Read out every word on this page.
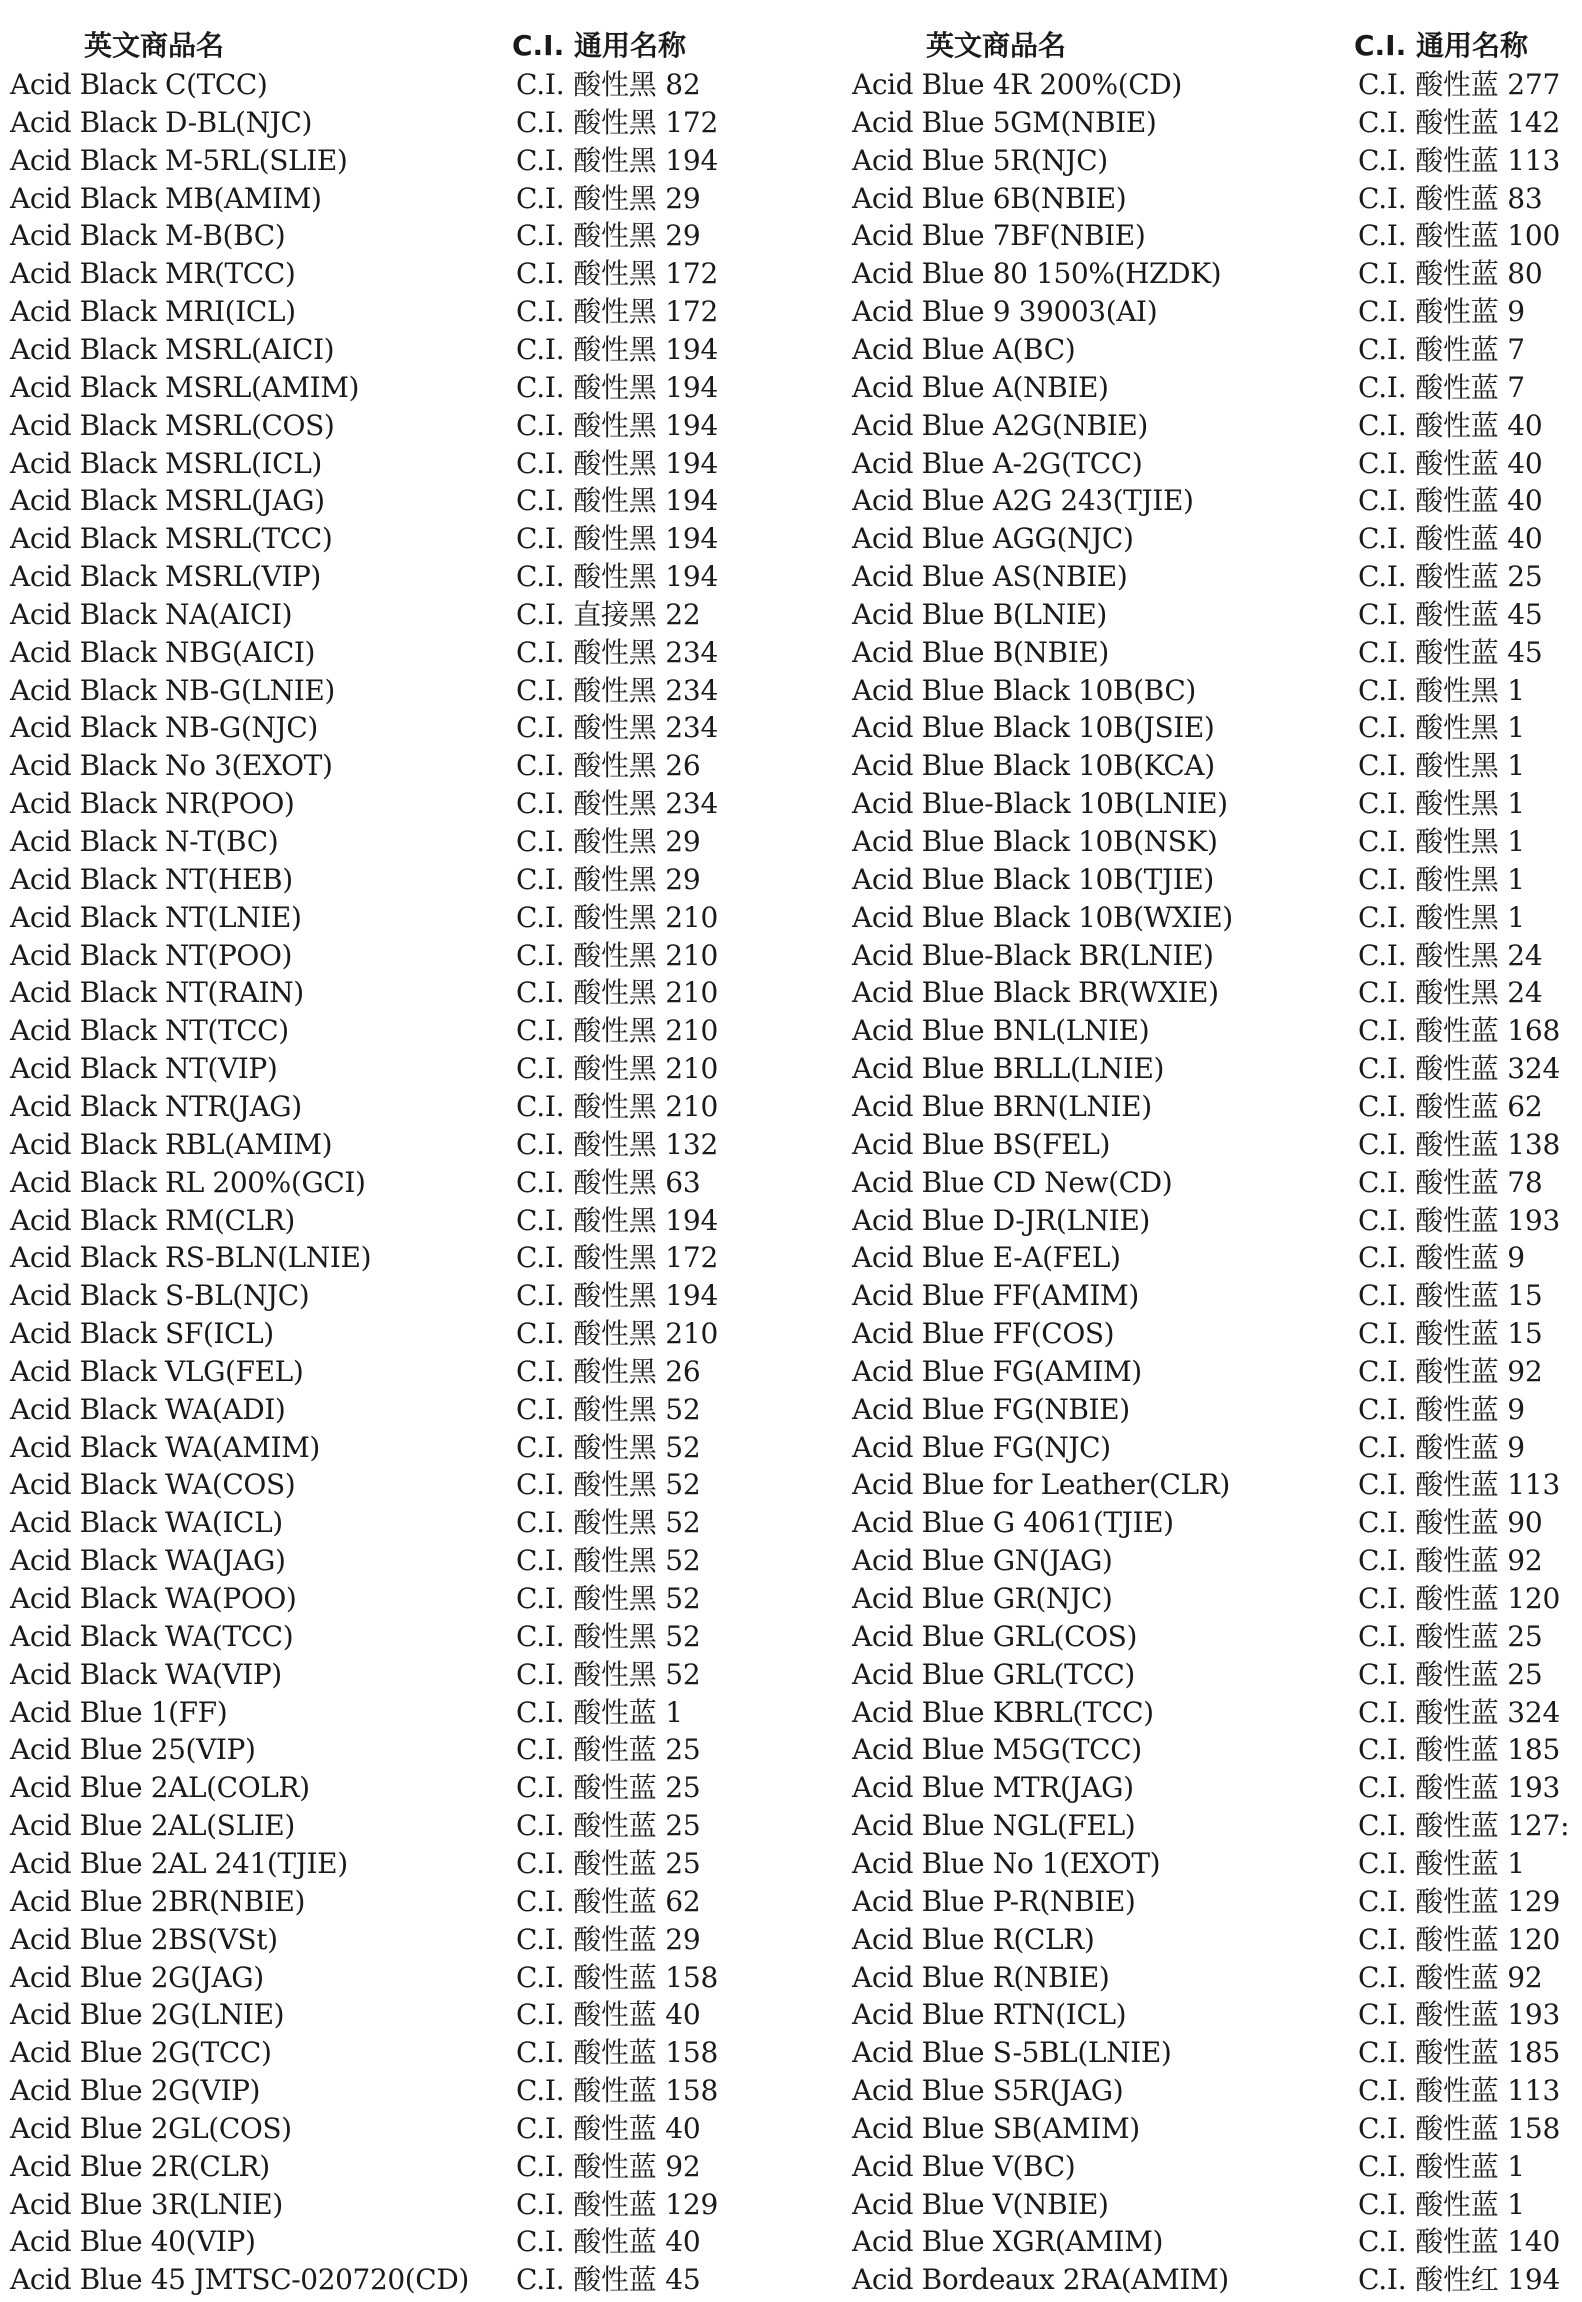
英文商品名	C.I. 通用名称	英文商品名	C.I. 通用名称
Acid Black C(TCC)	C.I. 酸性黑 82
Acid Black D-BL(NJC)	C.I. 酸性黑 172
Acid Black M-5RL(SLIE)	C.I. 酸性黑 194
Acid Black MB(AMIM)	C.I. 酸性黑 29
Acid Black M-B(BC)	C.I. 酸性黑 29
Acid Black MR(TCC)	C.I. 酸性黑 172
Acid Black MRI(ICL)	C.I. 酸性黑 172
Acid Black MSRL(AICI)	C.I. 酸性黑 194
Acid Black MSRL(AMIM)	C.I. 酸性黑 194
Acid Black MSRL(COS)	C.I. 酸性黑 194
Acid Black MSRL(ICL)	C.I. 酸性黑 194
Acid Black MSRL(JAG)	C.I. 酸性黑 194
Acid Black MSRL(TCC)	C.I. 酸性黑 194
Acid Black MSRL(VIP)	C.I. 酸性黑 194
Acid Black NA(AICI)	C.I. 直接黑 22
Acid Black NBG(AICI)	C.I. 酸性黑 234
Acid Black NB-G(LNIE)	C.I. 酸性黑 234
Acid Black NB-G(NJC)	C.I. 酸性黑 234
Acid Black No 3(EXOT)	C.I. 酸性黑 26
Acid Black NR(POO)	C.I. 酸性黑 234
Acid Black N-T(BC)	C.I. 酸性黑 29
Acid Black NT(HEB)	C.I. 酸性黑 29
Acid Black NT(LNIE)	C.I. 酸性黑 210
Acid Black NT(POO)	C.I. 酸性黑 210
Acid Black NT(RAIN)	C.I. 酸性黑 210
Acid Black NT(TCC)	C.I. 酸性黑 210
Acid Black NT(VIP)	C.I. 酸性黑 210
Acid Black NTR(JAG)	C.I. 酸性黑 210
Acid Black RBL(AMIM)	C.I. 酸性黑 132
Acid Black RL 200%(GCI)	C.I. 酸性黑 63
Acid Black RM(CLR)	C.I. 酸性黑 194
Acid Black RS-BLN(LNIE)	C.I. 酸性黑 172
Acid Black S-BL(NJC)	C.I. 酸性黑 194
Acid Black SF(ICL)	C.I. 酸性黑 210
Acid Black VLG(FEL)	C.I. 酸性黑 26
Acid Black WA(ADI)	C.I. 酸性黑 52
Acid Black WA(AMIM)	C.I. 酸性黑 52
Acid Black WA(COS)	C.I. 酸性黑 52
Acid Black WA(ICL)	C.I. 酸性黑 52
Acid Black WA(JAG)	C.I. 酸性黑 52
Acid Black WA(POO)	C.I. 酸性黑 52
Acid Black WA(TCC)	C.I. 酸性黑 52
Acid Black WA(VIP)	C.I. 酸性黑 52
Acid Blue 1(FF)	C.I. 酸性蓝 1
Acid Blue 25(VIP)	C.I. 酸性蓝 25
Acid Blue 2AL(COLR)	C.I. 酸性蓝 25
Acid Blue 2AL(SLIE)	C.I. 酸性蓝 25
Acid Blue 2AL 241(TJIE)	C.I. 酸性蓝 25
Acid Blue 2BR(NBIE)	C.I. 酸性蓝 62
Acid Blue 2BS(VSt)	C.I. 酸性蓝 29
Acid Blue 2G(JAG)	C.I. 酸性蓝 158
Acid Blue 2G(LNIE)	C.I. 酸性蓝 40
Acid Blue 2G(TCC)	C.I. 酸性蓝 158
Acid Blue 2G(VIP)	C.I. 酸性蓝 158
Acid Blue 2GL(COS)	C.I. 酸性蓝 40
Acid Blue 2R(CLR)	C.I. 酸性蓝 92
Acid Blue 3R(LNIE)	C.I. 酸性蓝 129
Acid Blue 40(VIP)	C.I. 酸性蓝 40
Acid Blue 45 JMTSC-020720(CD) C.I. 酸性蓝 45
Acid Blue 4R 200%(CD)	C.I. 酸性蓝 277
Acid Blue 5GM(NBIE)	C.I. 酸性蓝 142
Acid Blue 5R(NJC)	C.I. 酸性蓝 113
Acid Blue 6B(NBIE)	C.I. 酸性蓝 83
Acid Blue 7BF(NBIE)	C.I. 酸性蓝 100
Acid Blue 80 150%(HZDK)	C.I. 酸性蓝 80
Acid Blue 9 39003(AI)	C.I. 酸性蓝 9
Acid Blue A(BC)	C.I. 酸性蓝 7
Acid Blue A(NBIE)	C.I. 酸性蓝 7
Acid Blue A2G(NBIE)	C.I. 酸性蓝 40
Acid Blue A-2G(TCC)	C.I. 酸性蓝 40
Acid Blue A2G 243(TJIE)	C.I. 酸性蓝 40
Acid Blue AGG(NJC)	C.I. 酸性蓝 40
Acid Blue AS(NBIE)	C.I. 酸性蓝 25
Acid Blue B(LNIE)	C.I. 酸性蓝 45
Acid Blue B(NBIE)	C.I. 酸性蓝 45
Acid Blue Black 10B(BC)	C.I. 酸性黑 1
Acid Blue Black 10B(JSIE)	C.I. 酸性黑 1
Acid Blue Black 10B(KCA)	C.I. 酸性黑 1
Acid Blue-Black 10B(LNIE)	C.I. 酸性黑 1
Acid Blue Black 10B(NSK)	C.I. 酸性黑 1
Acid Blue Black 10B(TJIE)	C.I. 酸性黑 1
Acid Blue Black 10B(WXIE)	C.I. 酸性黑 1
Acid Blue-Black BR(LNIE)	C.I. 酸性黑 24
Acid Blue Black BR(WXIE)	C.I. 酸性黑 24
Acid Blue BNL(LNIE)	C.I. 酸性蓝 168
Acid Blue BRLL(LNIE)	C.I. 酸性蓝 324
Acid Blue BRN(LNIE)	C.I. 酸性蓝 62
Acid Blue BS(FEL)	C.I. 酸性蓝 138
Acid Blue CD New(CD)	C.I. 酸性蓝 78
Acid Blue D-JR(LNIE)	C.I. 酸性蓝 193
Acid Blue E-A(FEL)	C.I. 酸性蓝 9
Acid Blue FF(AMIM)	C.I. 酸性蓝 15
Acid Blue FF(COS)	C.I. 酸性蓝 15
Acid Blue FG(AMIM)	C.I. 酸性蓝 92
Acid Blue FG(NBIE)	C.I. 酸性蓝 9
Acid Blue FG(NJC)	C.I. 酸性蓝 9
Acid Blue for Leather(CLR)	C.I. 酸性蓝 113
Acid Blue G 4061(TJIE)	C.I. 酸性蓝 90
Acid Blue GN(JAG)	C.I. 酸性蓝 92
Acid Blue GR(NJC)	C.I. 酸性蓝 120
Acid Blue GRL(COS)	C.I. 酸性蓝 25
Acid Blue GRL(TCC)	C.I. 酸性蓝 25
Acid Blue KBRL(TCC)	C.I. 酸性蓝 324
Acid Blue M5G(TCC)	C.I. 酸性蓝 185
Acid Blue MTR(JAG)	C.I. 酸性蓝 193
Acid Blue NGL(FEL)	C.I. 酸性蓝 127:
Acid Blue No 1(EXOT)	C.I. 酸性蓝 1
Acid Blue P-R(NBIE)	C.I. 酸性蓝 129
Acid Blue R(CLR)	C.I. 酸性蓝 120
Acid Blue R(NBIE)	C.I. 酸性蓝 92
Acid Blue RTN(ICL)	C.I. 酸性蓝 193
Acid Blue S-5BL(LNIE)	C.I. 酸性蓝 185
Acid Blue S5R(JAG)	C.I. 酸性蓝 113
Acid Blue SB(AMIM)	C.I. 酸性蓝 158
Acid Blue V(BC)	C.I. 酸性蓝 1
Acid Blue V(NBIE)	C.I. 酸性蓝 1
Acid Blue XGR(AMIM)	C.I. 酸性蓝 140
Acid Bordeaux 2RA(AMIM)	C.I. 酸性红 194
